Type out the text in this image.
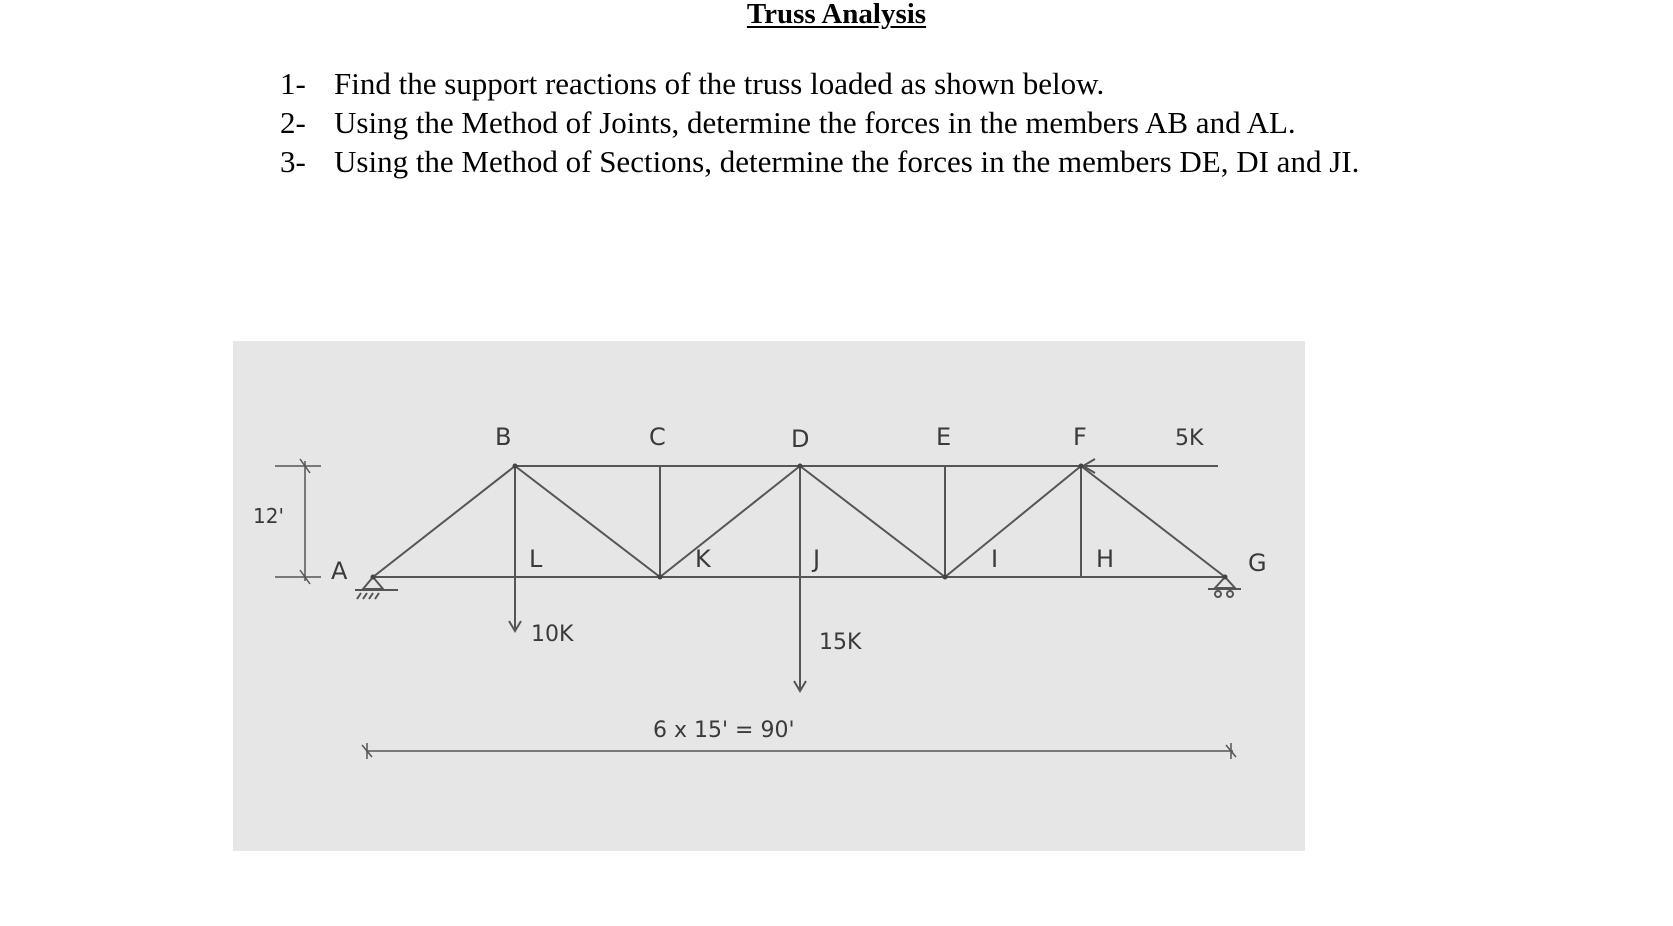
Truss Analysis
1- Find the support reactions of the truss loaded as shown below.
2- Using the Method of Joints, determine the forces in the members AB and AL.
3- Using the Method of Sections, determine the forces in the members DE, DI and JI.
B	C	D	E	F
G
A	L	K	J	I	H
5K
10K	15K
12'
6 x 15' = 90'
